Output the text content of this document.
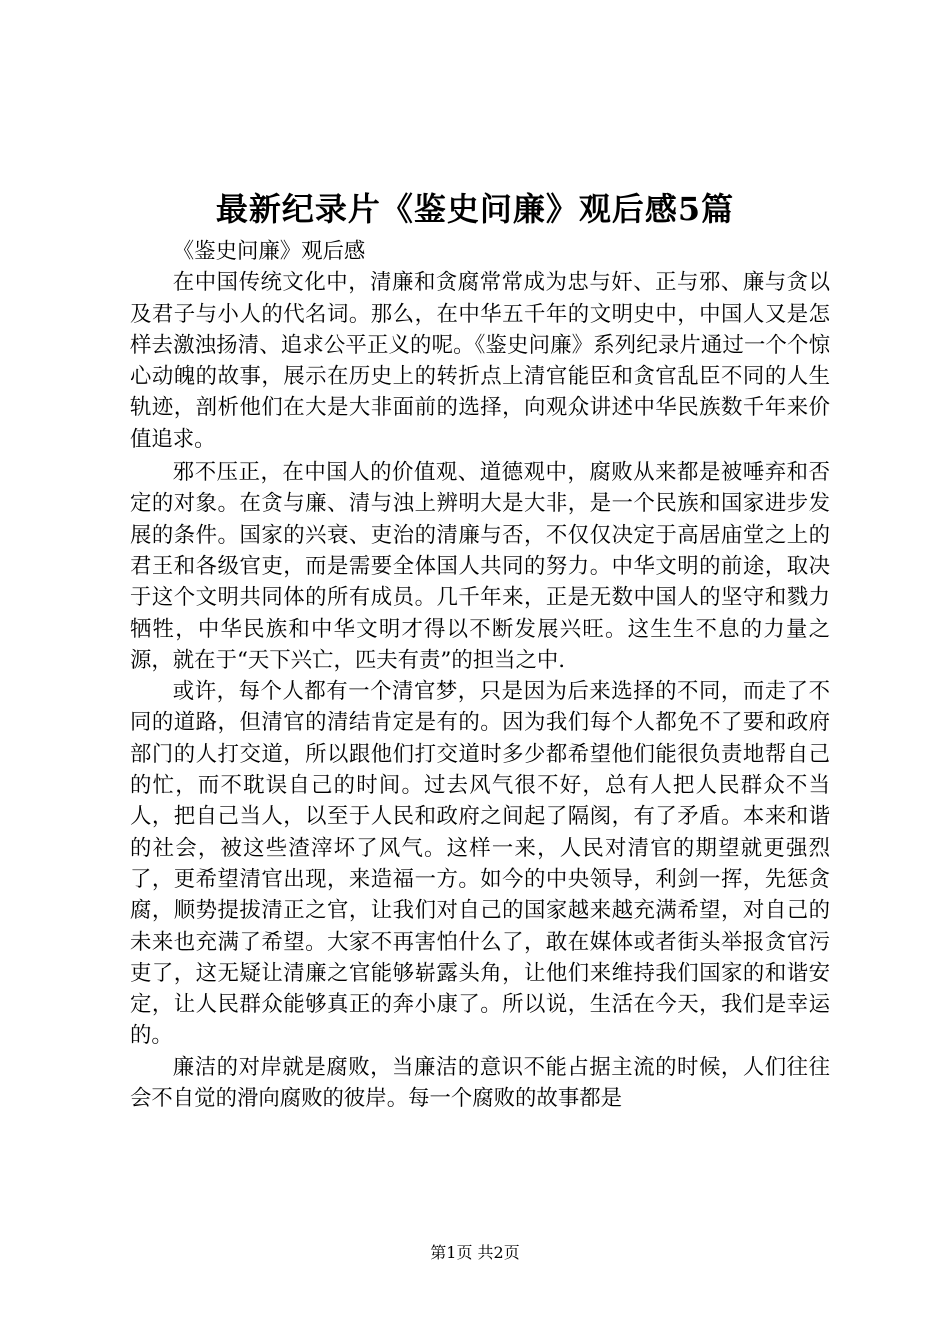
最新纪录片《鉴史问廉》观后感5篇

《鉴史问廉》观后感

在中国传统文化中，清廉和贪腐常常成为忠与奸、正与邪、廉与贪以及君子与小人的代名词。那么，在中华五千年的文明史中，中国人又是怎样去激浊扬清、追求公平正义的呢。《鉴史问廉》系列纪录片通过一个个惊心动魄的故事，展示在历史上的转折点上清官能臣和贪官乱臣不同的人生轨迹，剖析他们在大是大非面前的选择，向观众讲述中华民族数千年来价值追求。

邪不压正，在中国人的价值观、道德观中，腐败从来都是被唾弃和否定的对象。在贪与廉、清与浊上辨明大是大非，是一个民族和国家进步发展的条件。国家的兴衰、吏治的清廉与否，不仅仅决定于高居庙堂之上的君王和各级官吏，而是需要全体国人共同的努力。中华文明的前途，取决于这个文明共同体的所有成员。几千年来，正是无数中国人的坚守和戮力牺牲，中华民族和中华文明才得以不断发展兴旺。这生生不息的力量之源，就在于“天下兴亡，匹夫有责”的担当之中.

或许，每个人都有一个清官梦，只是因为后来选择的不同，而走了不同的道路，但清官的清结肯定是有的。因为我们每个人都免不了要和政府部门的人打交道，所以跟他们打交道时多少都希望他们能很负责地帮自己的忙，而不耽误自己的时间。过去风气很不好，总有人把人民群众不当人，把自己当人，以至于人民和政府之间起了隔阂，有了矛盾。本来和谐的社会，被这些渣滓坏了风气。这样一来，人民对清官的期望就更强烈了，更希望清官出现，来造福一方。如今的中央领导，利剑一挥，先惩贪腐，顺势提拔清正之官，让我们对自己的国家越来越充满希望，对自己的未来也充满了希望。大家不再害怕什么了，敢在媒体或者街头举报贪官污吏了，这无疑让清廉之官能够崭露头角，让他们来维持我们国家的和谐安定，让人民群众能够真正的奔小康了。所以说，生活在今天，我们是幸运的。

廉洁的对岸就是腐败，当廉洁的意识不能占据主流的时候，人们往往会不自觉的滑向腐败的彼岸。每一个腐败的故事都是

第1页 共2页
